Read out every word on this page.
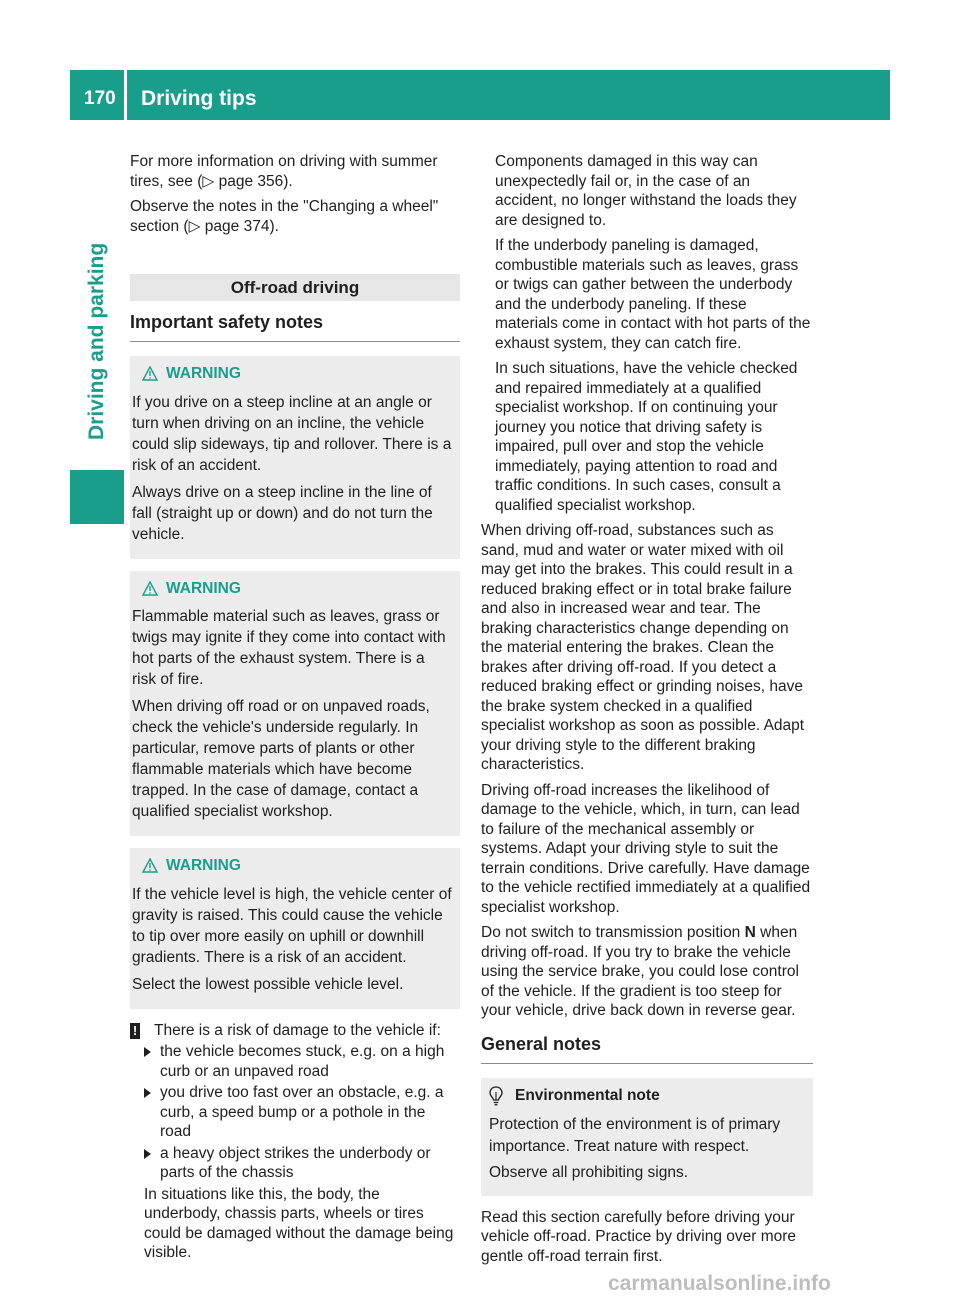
170 Driving tips
Driving and parking

For more information on driving with summer tires, see (▷ page 356).

Observe the notes in the "Changing a wheel" section (▷ page 374).

Off-road driving
Important safety notes
WARNING

If you drive on a steep incline at an angle or turn when driving on an incline, the vehicle could slip sideways, tip and rollover. There is a risk of an accident.

Always drive on a steep incline in the line of fall (straight up or down) and do not turn the vehicle.

WARNING

Flammable material such as leaves, grass or twigs may ignite if they come into contact with hot parts of the exhaust system. There is a risk of fire.

When driving off road or on unpaved roads, check the vehicle's underside regularly. In particular, remove parts of plants or other flammable materials which have become trapped. In the case of damage, contact a qualified specialist workshop.

WARNING

If the vehicle level is high, the vehicle center of gravity is raised. This could cause the vehicle to tip over more easily on uphill or downhill gradients. There is a risk of an accident.

Select the lowest possible vehicle level.

! There is a risk of damage to the vehicle if:
the vehicle becomes stuck, e.g. on a high curb or an unpaved road
you drive too fast over an obstacle, e.g. a curb, a speed bump or a pothole in the road
a heavy object strikes the underbody or parts of the chassis

In situations like this, the body, the underbody, chassis parts, wheels or tires could be damaged without the damage being visible.

Components damaged in this way can unexpectedly fail or, in the case of an accident, no longer withstand the loads they are designed to.

If the underbody paneling is damaged, combustible materials such as leaves, grass or twigs can gather between the underbody and the underbody paneling. If these materials come in contact with hot parts of the exhaust system, they can catch fire.

In such situations, have the vehicle checked and repaired immediately at a qualified specialist workshop. If on continuing your journey you notice that driving safety is impaired, pull over and stop the vehicle immediately, paying attention to road and traffic conditions. In such cases, consult a qualified specialist workshop.

When driving off-road, substances such as sand, mud and water or water mixed with oil may get into the brakes. This could result in a reduced braking effect or in total brake failure and also in increased wear and tear. The braking characteristics change depending on the material entering the brakes. Clean the brakes after driving off-road. If you detect a reduced braking effect or grinding noises, have the brake system checked in a qualified specialist workshop as soon as possible. Adapt your driving style to the different braking characteristics.

Driving off-road increases the likelihood of damage to the vehicle, which, in turn, can lead to failure of the mechanical assembly or systems. Adapt your driving style to suit the terrain conditions. Drive carefully. Have damage to the vehicle rectified immediately at a qualified specialist workshop.

Do not switch to transmission position N when driving off-road. If you try to brake the vehicle using the service brake, you could lose control of the vehicle. If the gradient is too steep for your vehicle, drive back down in reverse gear.

General notes
Environmental note

Protection of the environment is of primary importance. Treat nature with respect.

Observe all prohibiting signs.

Read this section carefully before driving your vehicle off-road. Practice by driving over more gentle off-road terrain first.

carmanualsonline.info
